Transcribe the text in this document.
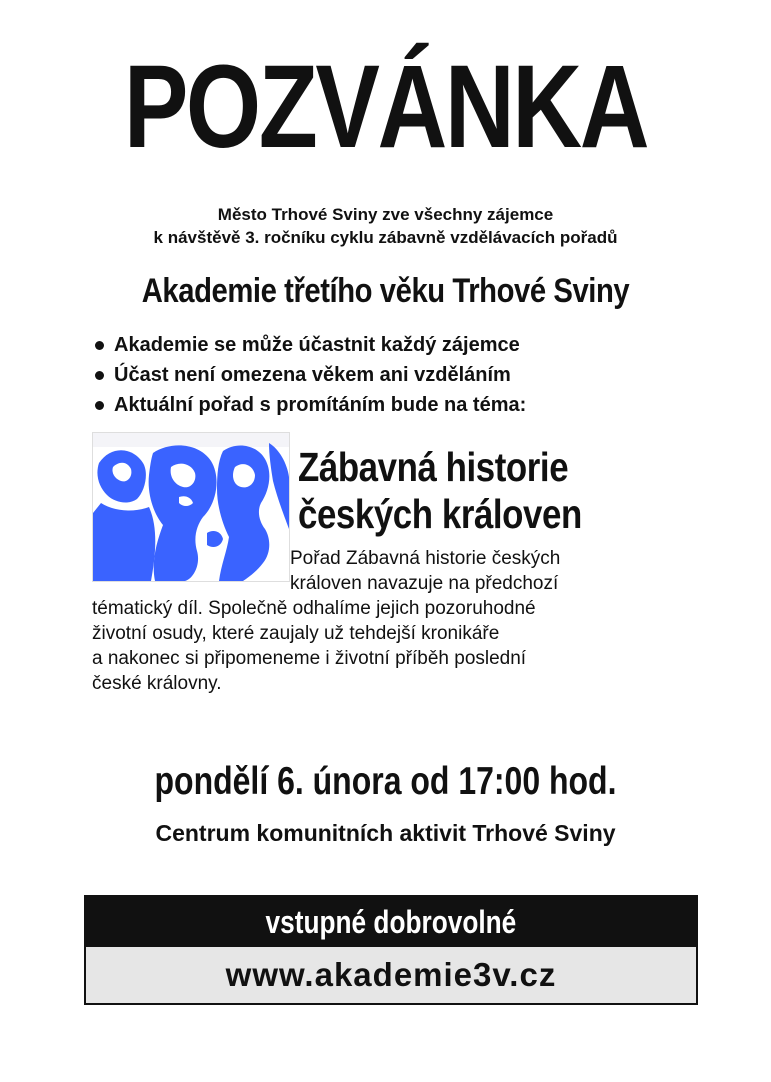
POZVÁNKA
Město Trhové Sviny zve všechny zájemce
k návštěvě 3. ročníku cyklu zábavně vzdělávacích pořadů
Akademie třetího věku Trhové Sviny
Akademie se může účastnit každý zájemce
Účast není omezena věkem ani vzděláním
Aktuální pořad s promítáním bude na téma:
Zábavná historie
českých královen
Pořad Zábavná historie českých
královen navazuje na předchozí
tématický díl. Společně odhalíme jejich pozoruhodné
životní osudy, které zaujaly už tehdejší kronikáře
a nakonec si připomeneme i životní příběh poslední
české královny.
pondělí 6. února od 17:00 hod.
Centrum komunitních aktivit Trhové Sviny
vstupné dobrovolné
www.akademie3v.cz
